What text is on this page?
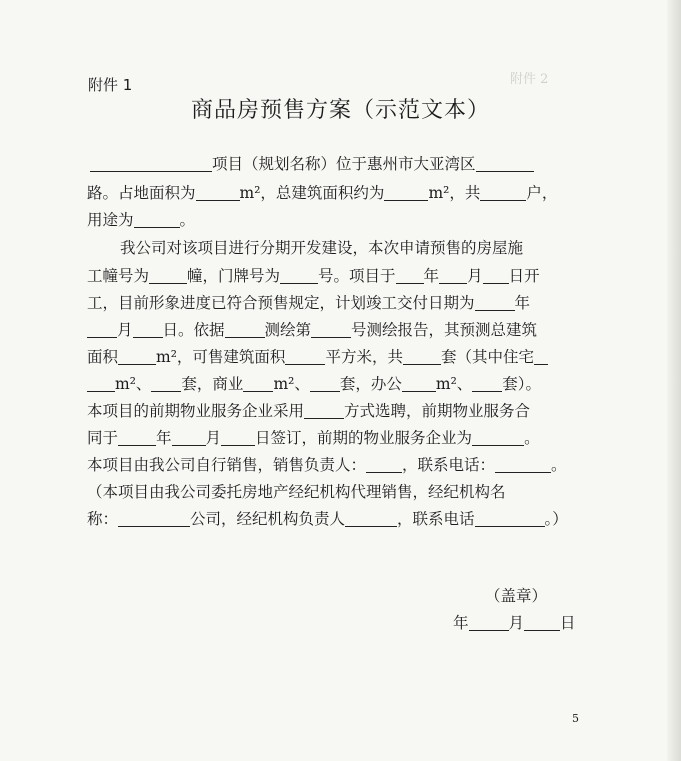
附件 2
附件 1
商品房预售方案（示范文本）
项目（规划名称）位于惠州市大亚湾区
路。占地面积为	m²，总建筑面积约为	m²，共	户，
用途为	。
我公司对该项目进行分期开发建设，本次申请预售的房屋施
工幢号为 幢，门牌号为 号。项目于 年 月 日开
工，目前形象进度已符合预售规定，计划竣工交付日期为	年
月 日。依据	测绘第	号测绘报告，其预测总建筑
面积 m²，可售建筑面积	平方米，共 套（其中住宅
m²、 套，商业 m²、 套，办公 m²、 套）。
本项目的前期物业服务企业采用	方式选聘，前期物业服务合
同于 年 月 日签订，前期的物业服务企业为	。
本项目由我公司自行销售，销售负责人： ，联系电话：	。
（本项目由我公司委托房地产经纪机构代理销售，经纪机构名
称：	公司，经纪机构负责人	，联系电话	。）
（盖章）
年	月 日
5
